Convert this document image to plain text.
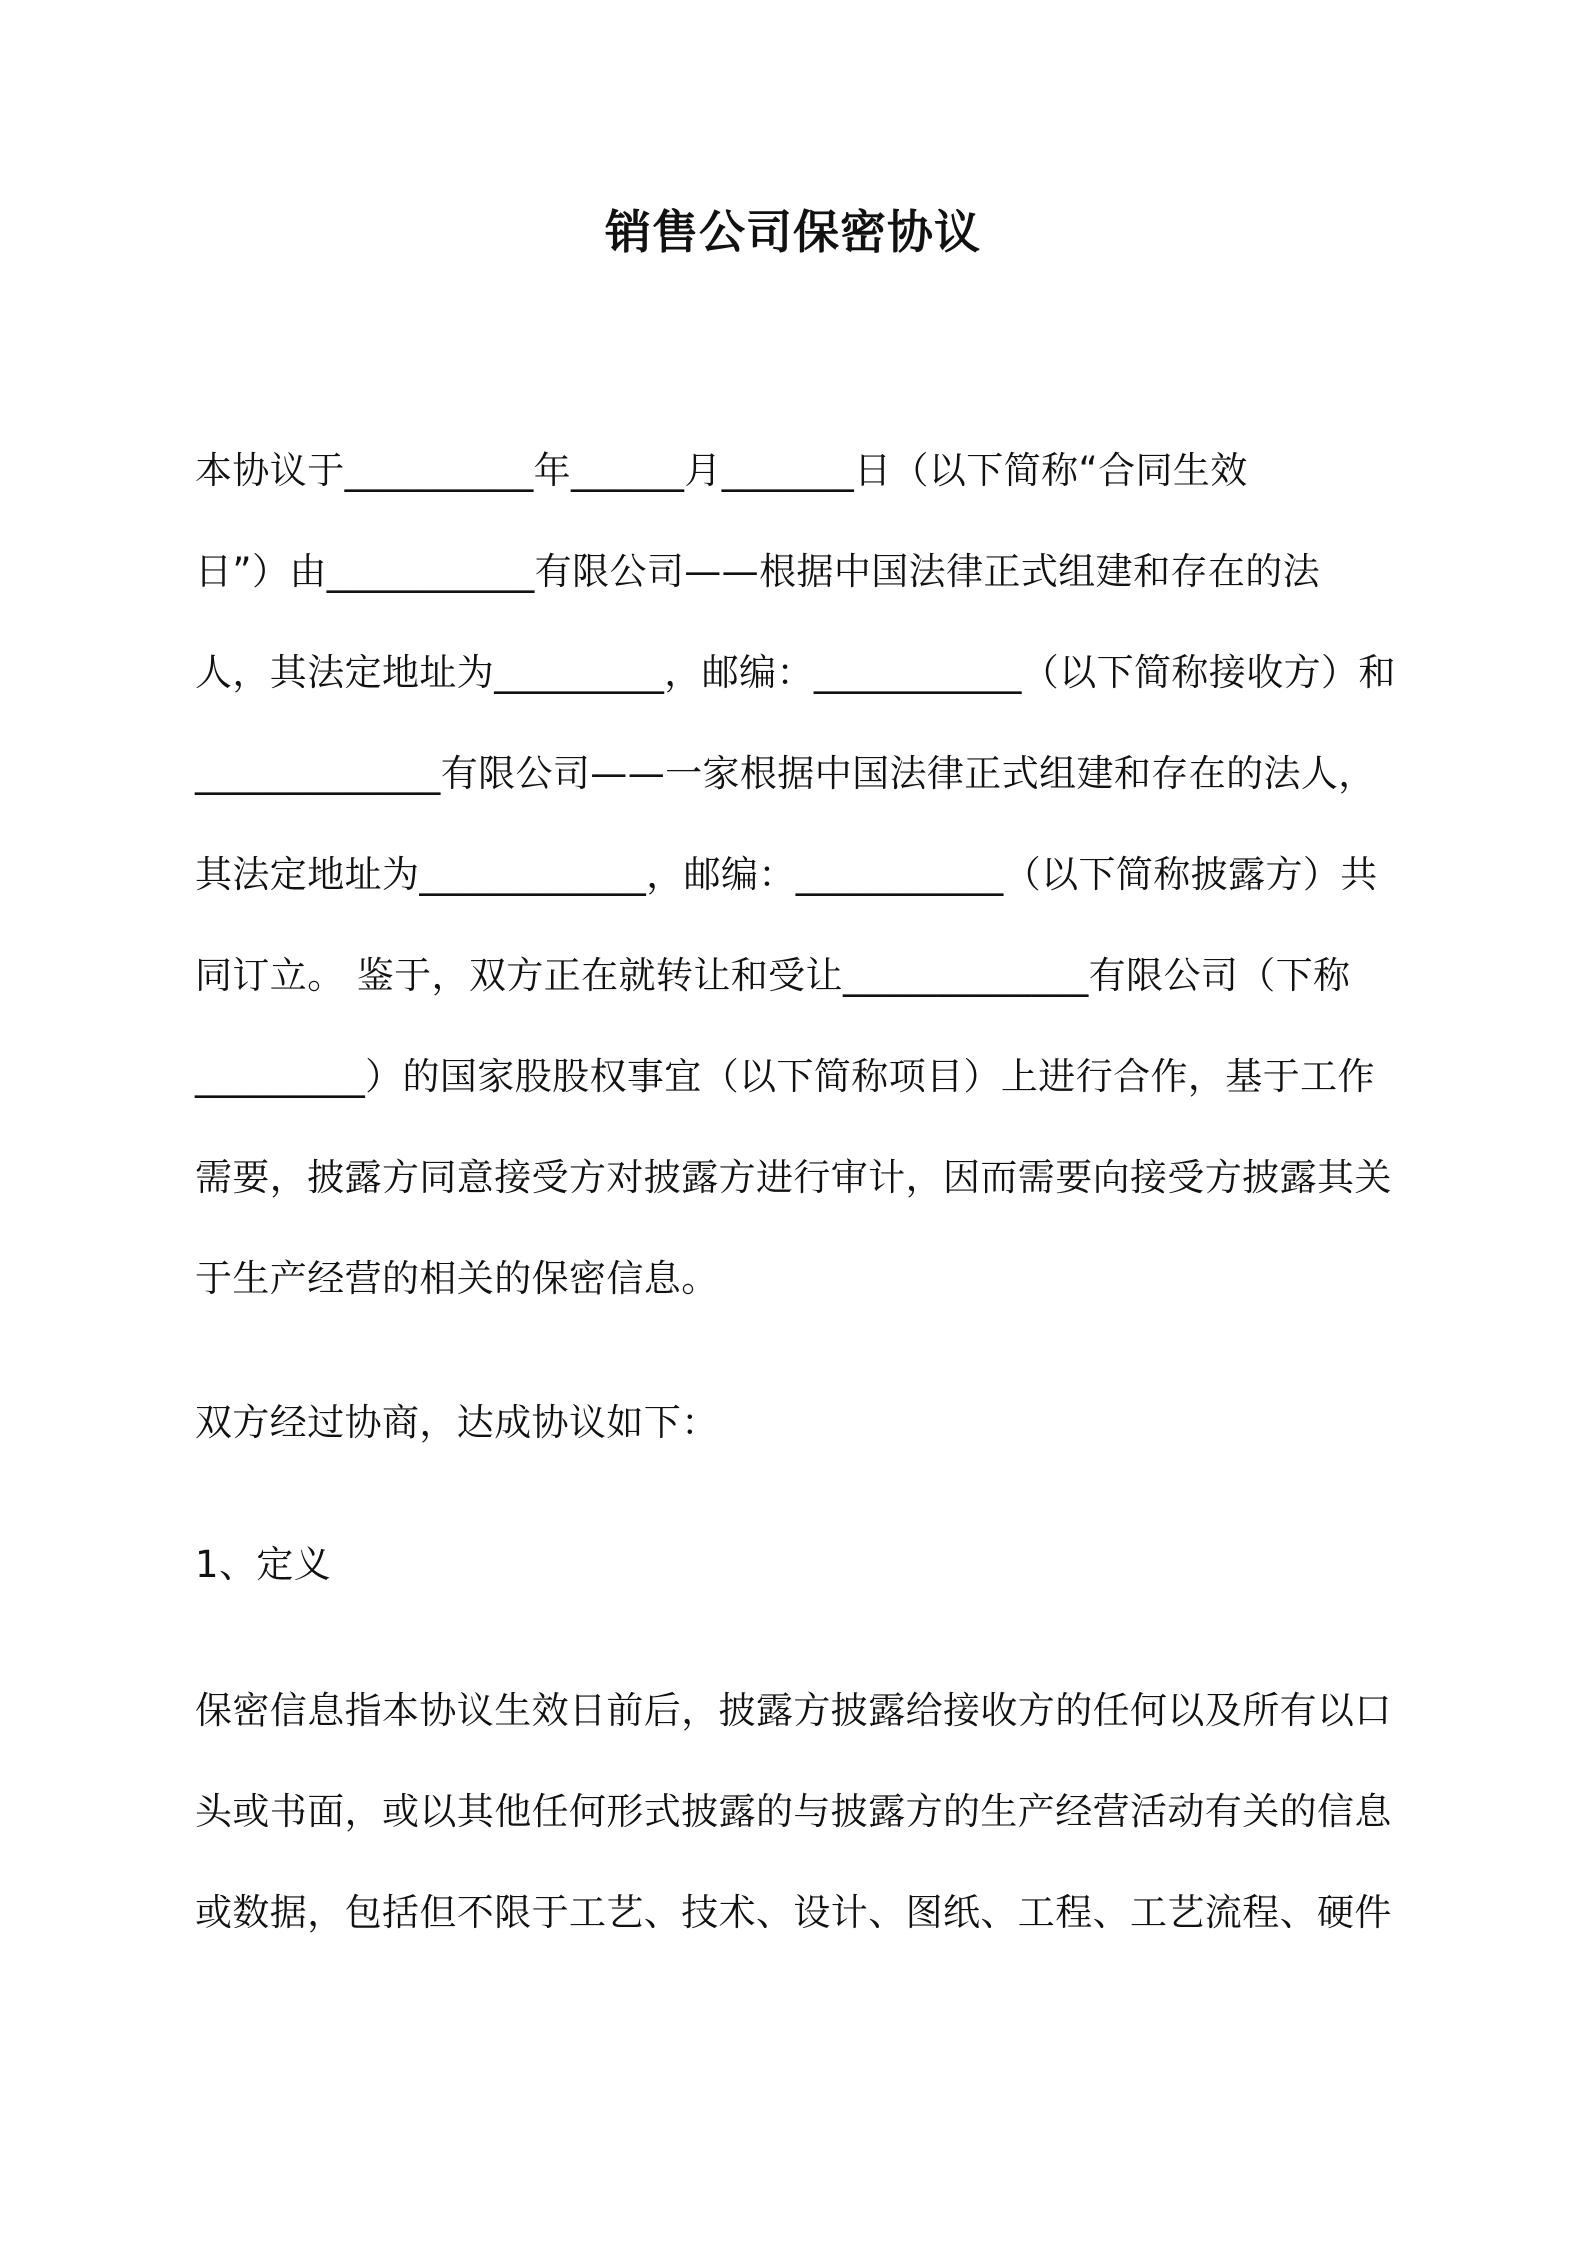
销售公司保密协议
本协议于__________年______月_______日（以下简称“合同生效
日”）由___________有限公司——根据中国法律正式组建和存在的法
人，其法定地址为_________，邮编：___________（以下简称接收方）和
_____________有限公司——一家根据中国法律正式组建和存在的法人，
其法定地址为____________，邮编：___________（以下简称披露方）共
同订立。 鉴于，双方正在就转让和受让_____________有限公司（下称
_________）的国家股股权事宜（以下简称项目）上进行合作，基于工作
需要，披露方同意接受方对披露方进行审计，因而需要向接受方披露其关
于生产经营的相关的保密信息。
双方经过协商，达成协议如下：
1、定义
保密信息指本协议生效日前后，披露方披露给接收方的任何以及所有以口
头或书面，或以其他任何形式披露的与披露方的生产经营活动有关的信息
或数据，包括但不限于工艺、技术、设计、图纸、工程、工艺流程、硬件
